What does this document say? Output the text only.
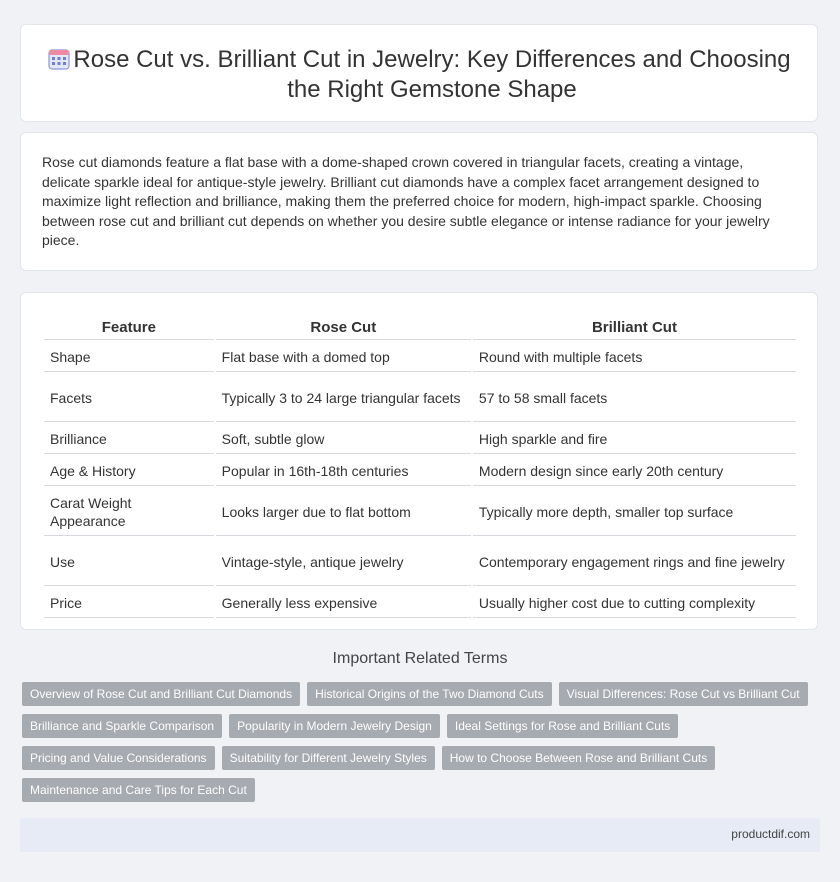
Rose Cut vs. Brilliant Cut in Jewelry: Key Differences and Choosing the Right Gemstone Shape

Rose cut diamonds feature a flat base with a dome-shaped crown covered in triangular facets, creating a vintage, delicate sparkle ideal for antique-style jewelry. Brilliant cut diamonds have a complex facet arrangement designed to maximize light reflection and brilliance, making them the preferred choice for modern, high-impact sparkle. Choosing between rose cut and brilliant cut depends on whether you desire subtle elegance or intense radiance for your jewelry piece.

Feature	Rose Cut	Brilliant Cut
Shape	Flat base with a domed top	Round with multiple facets
Facets	Typically 3 to 24 large triangular facets	57 to 58 small facets
Brilliance	Soft, subtle glow	High sparkle and fire
Age & History	Popular in 16th-18th centuries	Modern design since early 20th century
Carat Weight Appearance	Looks larger due to flat bottom	Typically more depth, smaller top surface
Use	Vintage-style, antique jewelry	Contemporary engagement rings and fine jewelry
Price	Generally less expensive	Usually higher cost due to cutting complexity
Important Related Terms
Overview of Rose Cut and Brilliant Cut Diamonds	Historical Origins of the Two Diamond Cuts	Visual Differences: Rose Cut vs Brilliant Cut
Brilliance and Sparkle Comparison	Popularity in Modern Jewelry Design	Ideal Settings for Rose and Brilliant Cuts
Pricing and Value Considerations	Suitability for Different Jewelry Styles	How to Choose Between Rose and Brilliant Cuts
Maintenance and Care Tips for Each Cut
productdif.com
